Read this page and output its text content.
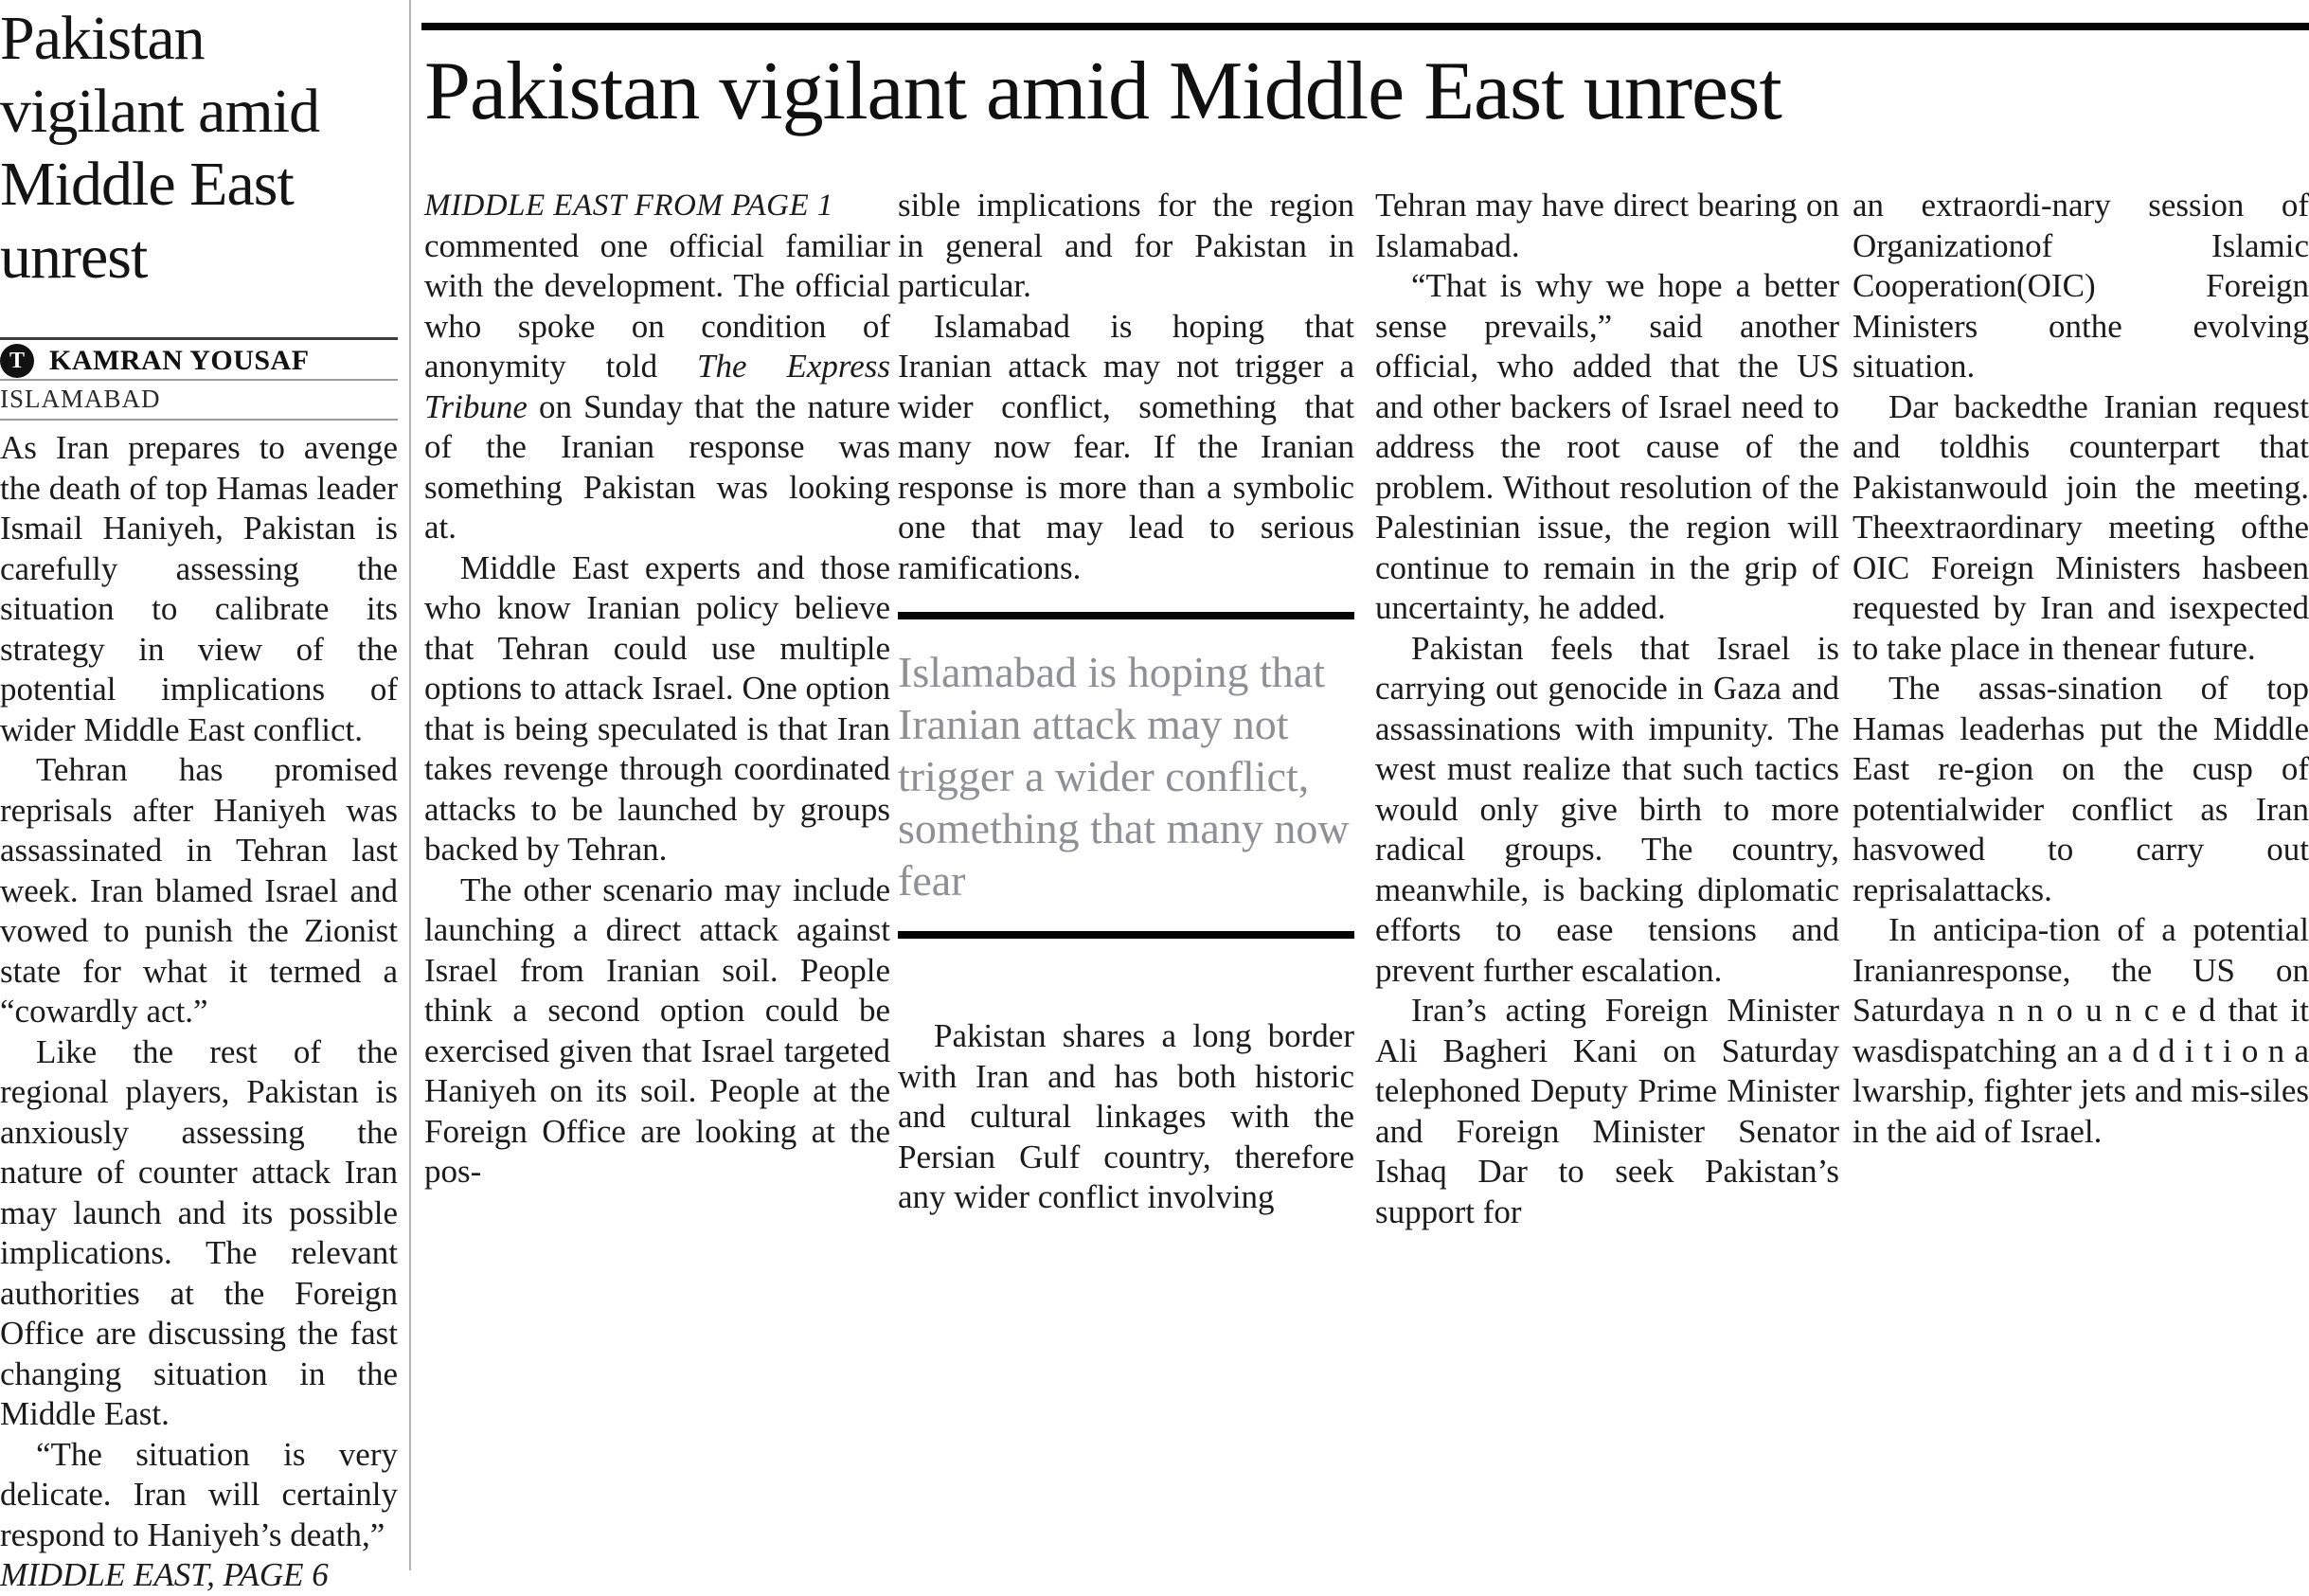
Pakistan vigilant amid Middle East unrest
T KAMRAN YOUSAF
ISLAMABAD

As Iran prepares to avenge the death of top Hamas leader Ismail Haniyeh, Pakistan is carefully assessing the situation to calibrate its strategy in view of the potential implications of wider Middle East conflict.

Tehran has promised reprisals after Haniyeh was assassinated in Tehran last week. Iran blamed Israel and vowed to punish the Zionist state for what it termed a “cowardly act.”

Like the rest of the regional players, Pakistan is anxiously assessing the nature of counter attack Iran may launch and its possible implications. The relevant authorities at the Foreign Office are discussing the fast changing situation in the Middle East.

“The situation is very delicate. Iran will certainly respond to Haniyeh’s death,”

MIDDLE EAST, PAGE 6
Pakistan vigilant amid Middle East unrest
MIDDLE EAST FROM PAGE 1

commented one official familiar with the development. The official who spoke on condition of anonymity told The Express Tribune on Sunday that the nature of the Iranian response was something Pakistan was looking at.

Middle East experts and those who know Iranian policy believe that Tehran could use multiple options to attack Israel. One option that is being speculated is that Iran takes revenge through coordinated attacks to be launched by groups backed by Tehran.

The other scenario may include launching a direct attack against Israel from Iranian soil. People think a second option could be exercised given that Israel targeted Haniyeh on its soil. People at the Foreign Office are looking at the pos-

sible implications for the region in general and for Pakistan in particular.

Islamabad is hoping that Iranian attack may not trigger a wider conflict, something that many now fear. If the Iranian response is more than a symbolic one that may lead to serious ramifications.

Islamabad is hoping that Iranian attack may not trigger a wider conflict, something that many now fear

Pakistan shares a long border with Iran and has both historic and cultural linkages with the Persian Gulf country, therefore any wider conflict involving

Tehran may have direct bearing on Islamabad.

“That is why we hope a better sense prevails,” said another official, who added that the US and other backers of Israel need to address the root cause of the problem. Without resolution of the Palestinian issue, the region will continue to remain in the grip of uncertainty, he added.

Pakistan feels that Israel is carrying out genocide in Gaza and assassinations with impunity. The west must realize that such tactics would only give birth to more radical groups. The country, meanwhile, is backing diplomatic efforts to ease tensions and prevent further escalation.

Iran’s acting Foreign Minister Ali Bagheri Kani on Saturday telephoned Deputy Prime Minister and Foreign Minister Senator Ishaq Dar to seek Pakistan’s support for

an extraordi-nary session of Organizationof Islamic Cooperation(OIC) Foreign Ministers onthe evolving situation.

Dar backedthe Iranian request and toldhis counterpart that Pakistanwould join the meeting. Theextraordinary meeting ofthe OIC Foreign Ministers hasbeen requested by Iran and isexpected to take place in thenear future.

The assas-sination of top Hamas leaderhas put the Middle East re-gion on the cusp of potentialwider conflict as Iran hasvowed to carry out reprisalattacks.

In anticipa-tion of a potential Iranianresponse, the US on Saturdaya n n o u n c e d that it wasdispatching an a d d i t i o n a lwarship, fighter jets and mis-siles in the aid of Israel.
